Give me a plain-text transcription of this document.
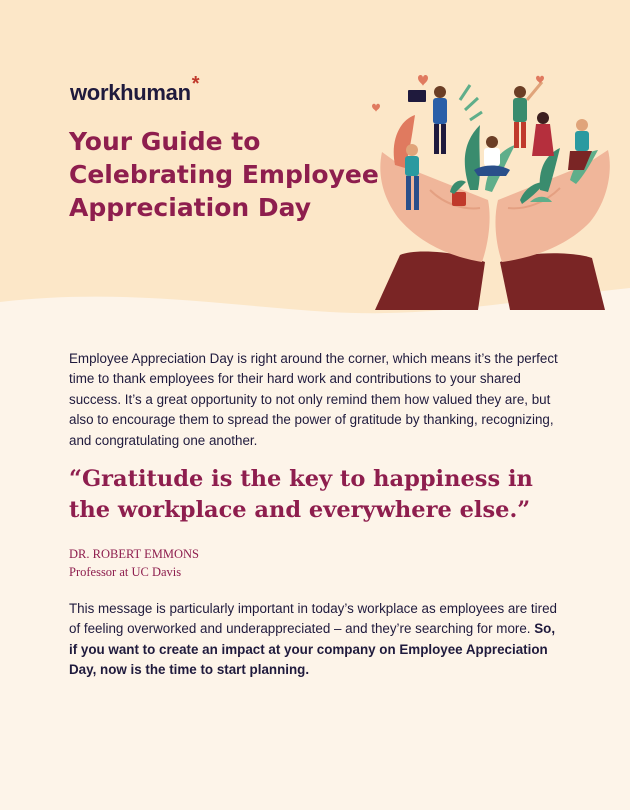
workhuman*
Your Guide to
Celebrating Employee
Appreciation Day

Employee Appreciation Day is right around the corner, which means it’s the perfect time to thank employees for their hard work and contributions to your shared success. It’s a great opportunity to not only remind them how valued they are, but also to encourage them to spread the power of gratitude by thanking, recognizing, and congratulating one another.

“Gratitude is the key to happiness in the workplace and everywhere else.”

DR. ROBERT EMMONS
Professor at UC Davis

This message is particularly important in today’s workplace as employees are tired of feeling overworked and underappreciated – and they’re searching for more. So, if you want to create an impact at your company on Employee Appreciation Day, now is the time to start planning.
